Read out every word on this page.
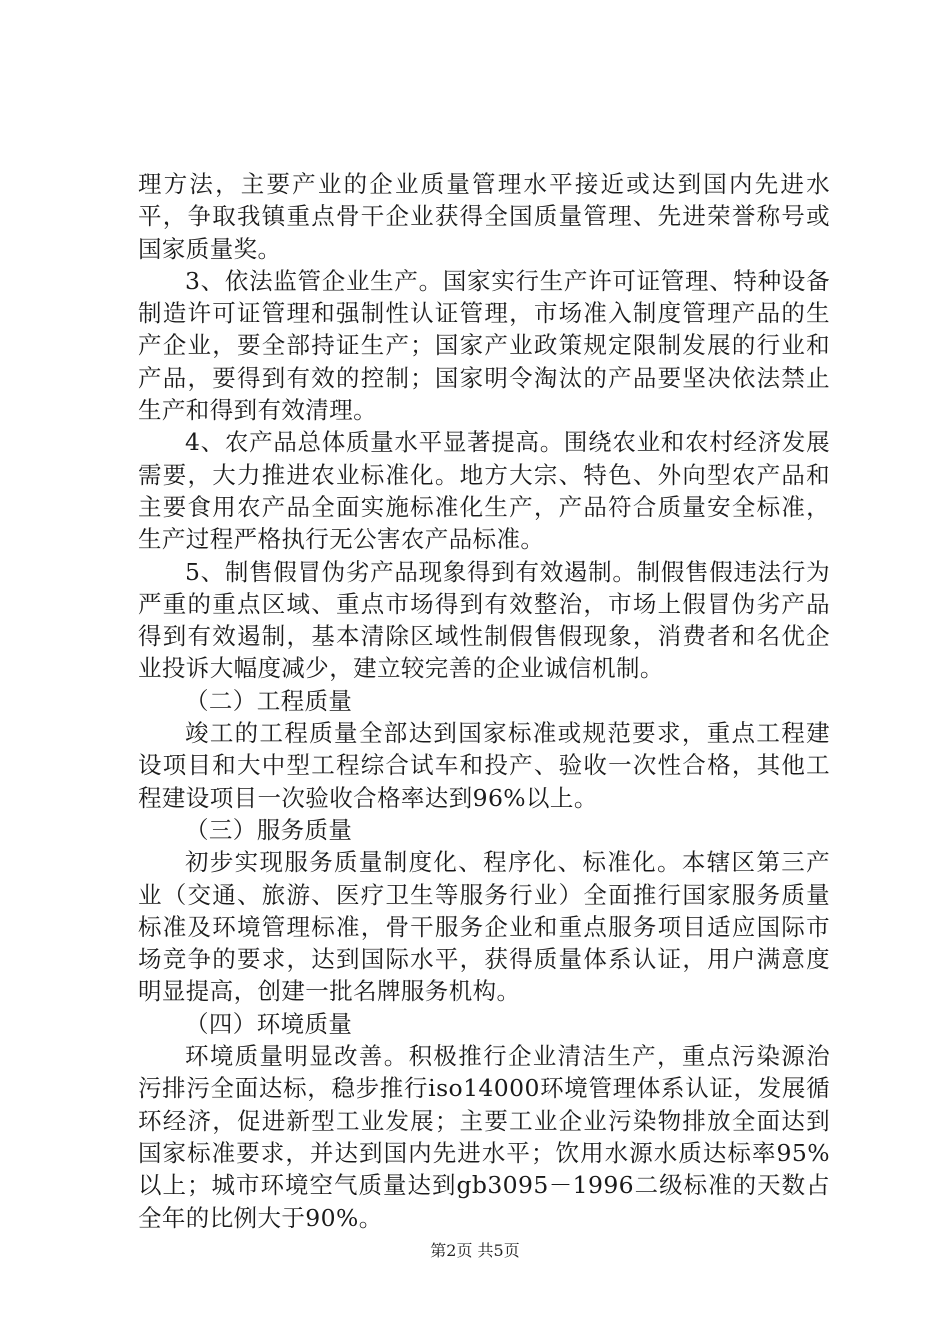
理方法，主要产业的企业质量管理水平接近或达到国内先进水平，争取我镇重点骨干企业获得全国质量管理、先进荣誉称号或国家质量奖。

3、依法监管企业生产。国家实行生产许可证管理、特种设备制造许可证管理和强制性认证管理，市场准入制度管理产品的生产企业，要全部持证生产；国家产业政策规定限制发展的行业和产品，要得到有效的控制；国家明令淘汰的产品要坚决依法禁止生产和得到有效清理。

4、农产品总体质量水平显著提高。围绕农业和农村经济发展需要，大力推进农业标准化。地方大宗、特色、外向型农产品和主要食用农产品全面实施标准化生产，产品符合质量安全标准，生产过程严格执行无公害农产品标准。

5、制售假冒伪劣产品现象得到有效遏制。制假售假违法行为严重的重点区域、重点市场得到有效整治，市场上假冒伪劣产品得到有效遏制，基本清除区域性制假售假现象，消费者和名优企业投诉大幅度减少，建立较完善的企业诚信机制。

（二）工程质量

竣工的工程质量全部达到国家标准或规范要求，重点工程建设项目和大中型工程综合试车和投产、验收一次性合格，其他工程建设项目一次验收合格率达到96%以上。

（三）服务质量

初步实现服务质量制度化、程序化、标准化。本辖区第三产业（交通、旅游、医疗卫生等服务行业）全面推行国家服务质量标准及环境管理标准，骨干服务企业和重点服务项目适应国际市场竞争的要求，达到国际水平，获得质量体系认证，用户满意度明显提高，创建一批名牌服务机构。

（四）环境质量

环境质量明显改善。积极推行企业清洁生产，重点污染源治污排污全面达标，稳步推行iso14000环境管理体系认证，发展循环经济，促进新型工业发展；主要工业企业污染物排放全面达到国家标准要求，并达到国内先进水平；饮用水源水质达标率95%以上；城市环境空气质量达到gb3095－1996二级标准的天数占全年的比例大于90%。

第2页 共5页
